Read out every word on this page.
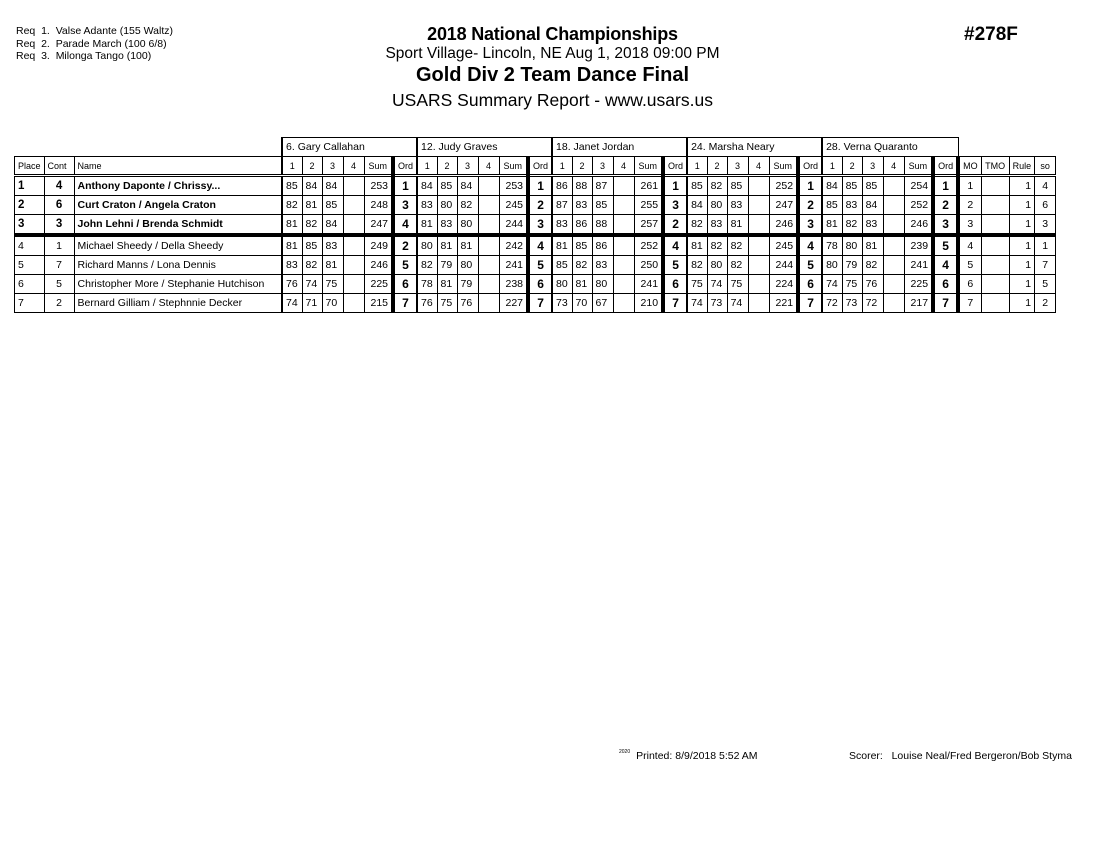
Req  1.  Valse Adante (155 Waltz)
Req  2.  Parade March (100 6/8)
Req  3.  Milonga Tango (100)
2018 National Championships
Sport Village- Lincoln, NE Aug 1, 2018 09:00 PM
Gold Div 2 Team Dance Final
USARS Summary Report - www.usars.us
#278F
			6. Gary Callahan						12. Judy Graves						18. Janet Jordan						24. Marsha Neary						28. Verna Quaranto									
Place	Cont	Name	1	2	3	4	Sum	Ord	1	2	3	4	Sum	Ord	1	2	3	4	Sum	Ord	1	2	3	4	Sum	Ord	1	2	3	4	Sum	Ord	MO	TMO	Rule	so
1	4	Anthony Daponte / Chrissy...	85	84	84		253	1	84	85	84		253	1	86	88	87		261	1	85	82	85		252	1	84	85	85		254	1	1		1	4
2	6	Curt Craton / Angela Craton	82	81	85		248	3	83	80	82		245	2	87	83	85		255	3	84	80	83		247	2	85	83	84		252	2	2		1	6
3	3	John Lehni / Brenda Schmidt	81	82	84		247	4	81	83	80		244	3	83	86	88		257	2	82	83	81		246	3	81	82	83		246	3	3		1	3
4	1	Michael Sheedy / Della Sheedy	81	85	83		249	2	80	81	81		242	4	81	85	86		252	4	81	82	82		245	4	78	80	81		239	5	4		1	1
5	7	Richard Manns / Lona Dennis	83	82	81		246	5	82	79	80		241	5	85	82	83		250	5	82	80	82		244	5	80	79	82		241	4	5		1	7
6	5	Christopher More / Stephanie Hutchison	76	74	75		225	6	78	81	79		238	6	80	81	80		241	6	75	74	75		224	6	74	75	76		225	6	6		1	5
7	2	Bernard Gilliam / Stephnnie Decker	74	71	70		215	7	76	75	76		227	7	73	70	67		210	7	74	73	74		221	7	72	73	72		217	7	7		1	2
$^{2020}$ Printed: 8/9/2018 5:52 AM	Scorer:   Louise Neal/Fred Bergeron/Bob Styma
